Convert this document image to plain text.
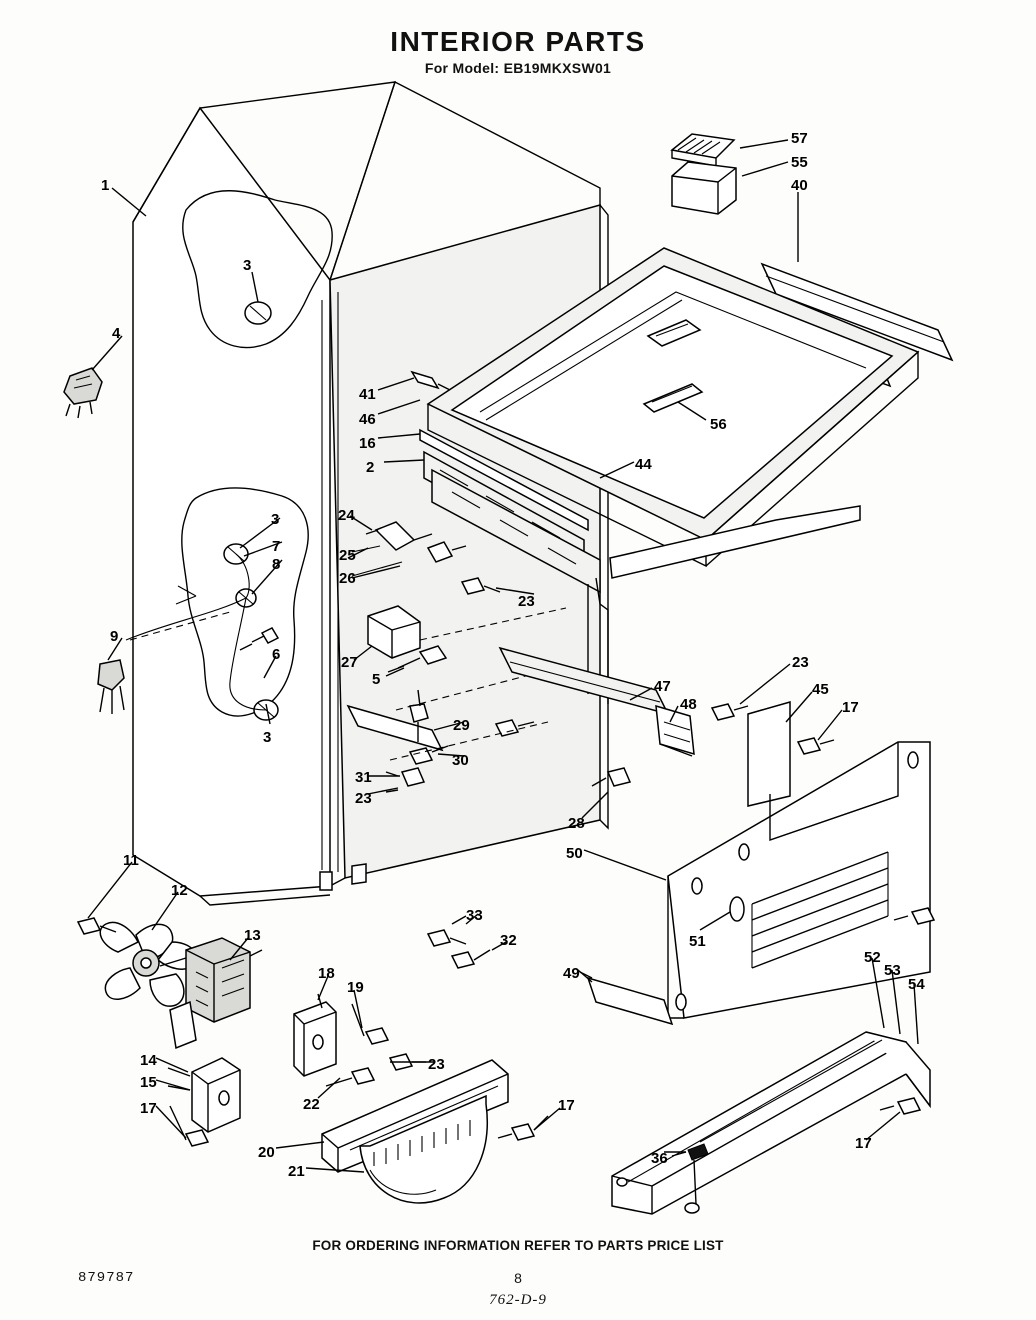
INTERIOR PARTS
For Model: EB19MKXSW01
1
3
4
41
46
16
2
24
25
26
3
7
8
9
6
3
27
5
29
30
31
23
23
57
55
40
56
44
47
48
23
45
17
28
50
51
49
52
53
54
36
17
11
12
13
33
32
18
19
14
15
17	22
23
17
20
21
FOR ORDERING INFORMATION REFER TO PARTS PRICE LIST
879787	8
762-D-9
